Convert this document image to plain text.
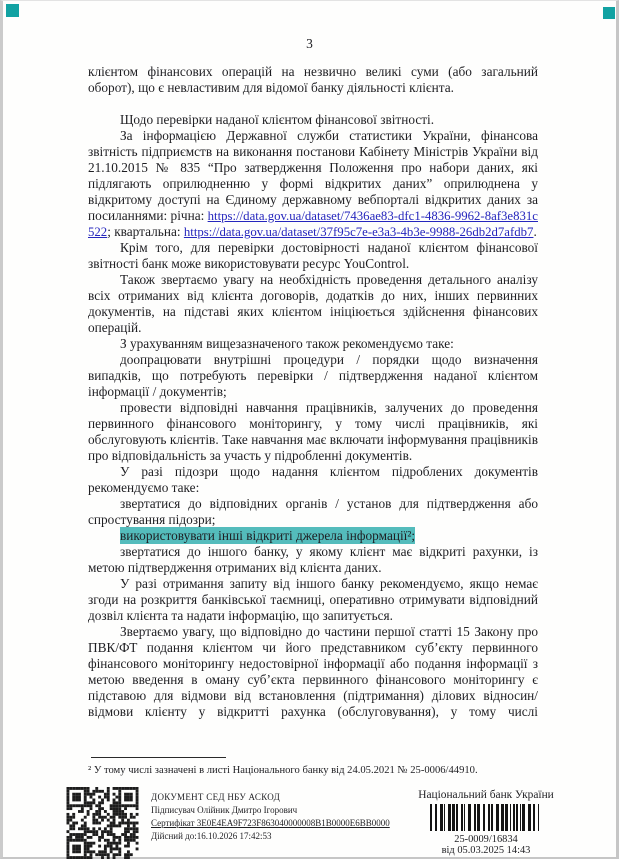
3

клієнтом фінансових операцій на незвично великі суми (або загальний оборот), що є невластивим для відомої банку діяльності клієнта.

Щодо перевірки наданої клієнтом фінансової звітності.

За інформацією Державної служби статистики України, фінансова звітність підприємств на виконання постанови Кабінету Міністрів України від 21.10.2015 № 835 “Про затвердження Положення про набори даних, які підлягають оприлюдненню у формі відкритих даних” оприлюднена у відкритому доступі на Єдиному державному вебпорталі відкритих даних за посиланнями: річна: https://data.gov.ua/dataset/7436ae83-dfc1-4836-9962-8af3e831c522; квартальна: https://data.gov.ua/dataset/37f95c7e-e3a3-4b3e-9988-26db2d7afdb7.

Крім того, для перевірки достовірності наданої клієнтом фінансової звітності банк може використовувати ресурс YouControl.

Також звертаємо увагу на необхідність проведення детального аналізу всіх отриманих від клієнта договорів, додатків до них, інших первинних документів, на підставі яких клієнтом ініціюється здійснення фінансових операцій.

З урахуванням вищезазначеного також рекомендуємо таке:

доопрацювати внутрішні процедури / порядки щодо визначення випадків, що потребують перевірки / підтвердження наданої клієнтом інформації / документів;

провести відповідні навчання працівників, залучених до проведення первинного фінансового моніторингу, у тому числі працівників, які обслуговують клієнтів. Таке навчання має включати інформування працівників про відповідальність за участь у підробленні документів.

У разі підозри щодо надання клієнтом підроблених документів рекомендуємо таке:

звертатися до відповідних органів / установ для підтвердження або спростування підозри;

використовувати інші відкриті джерела інформації²;

звертатися до іншого банку, у якому клієнт має відкриті рахунки, із метою підтвердження отриманих від клієнта даних.

У разі отримання запиту від іншого банку рекомендуємо, якщо немає згоди на розкриття банківської таємниці, оперативно отримувати відповідний дозвіл клієнта та надати інформацію, що запитується.

Звертаємо увагу, що відповідно до частини першої статті 15 Закону про ПВК/ФТ подання клієнтом чи його представником суб’єкту первинного фінансового моніторингу недостовірної інформації або подання інформації з метою введення в оману суб’єкта первинного фінансового моніторингу є підставою для відмови від встановлення (підтримання) ділових відносин/відмови клієнту у відкритті рахунка (обслуговування), у тому числі

² У тому числі зазначені в листі Національного банку від 24.05.2021 № 25-0006/44910.

ДОКУМЕНТ СЕД НБУ АСКОД

Підписувач Олійник Дмитро Ігорович

Сертифікат 3E0E4EA9F723F863040000008B1B0000E6BB0000

Дійсний до:16.10.2026 17:42:53

Національний банк України

25-0009/16834

від 05.03.2025 14:43
